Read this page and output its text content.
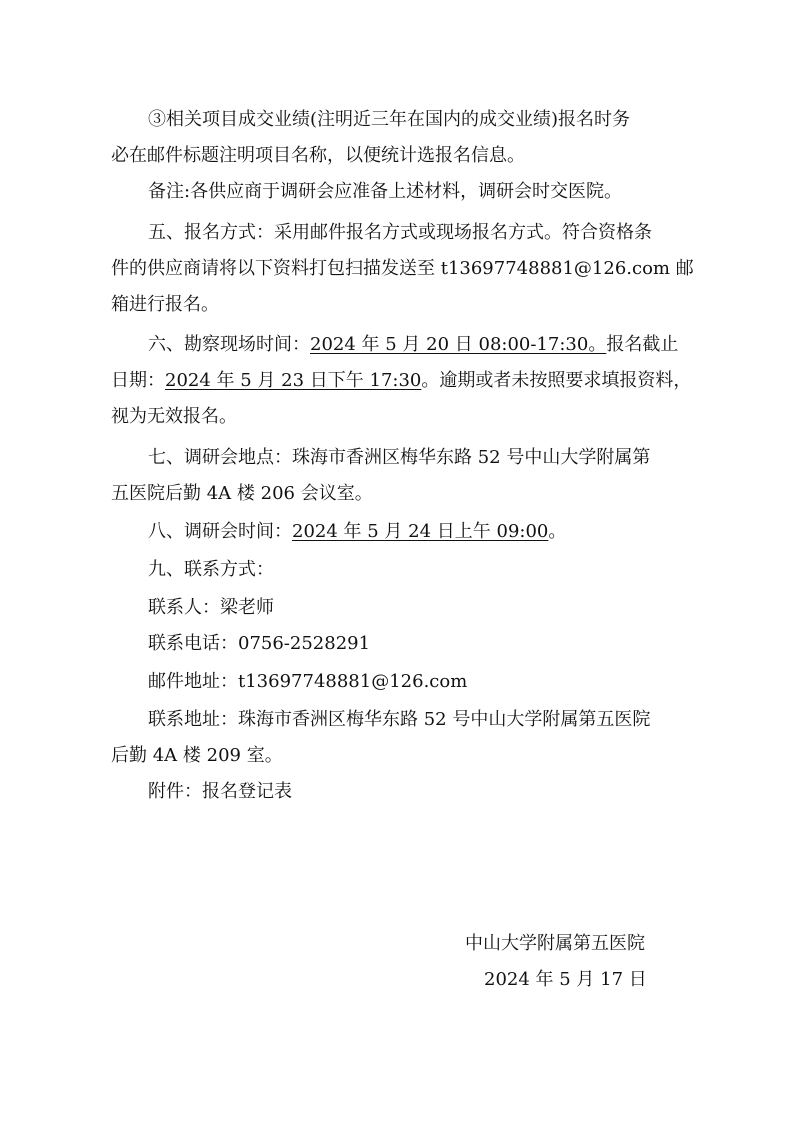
③相关项目成交业绩(注明近三年在国内的成交业绩)报名时务

必在邮件标题注明项目名称，以便统计选报名信息。

备注:各供应商于调研会应准备上述材料，调研会时交医院。

五、报名方式：采用邮件报名方式或现场报名方式。符合资格条

件的供应商请将以下资料打包扫描发送至 t13697748881@126.com 邮

箱进行报名。

六、勘察现场时间：2024 年 5 月 20 日 08:00-17:30。报名截止

日期：2024 年 5 月 23 日下午 17:30。逾期或者未按照要求填报资料，

视为无效报名。

七、调研会地点：珠海市香洲区梅华东路 52 号中山大学附属第

五医院后勤 4A 楼 206 会议室。

八、调研会时间：2024 年 5 月 24 日上午 09:00。

九、联系方式：

联系人：梁老师

联系电话：0756-2528291

邮件地址：t13697748881@126.com

联系地址：珠海市香洲区梅华东路 52 号中山大学附属第五医院

后勤 4A 楼 209 室。

附件：报名登记表

中山大学附属第五医院

2024 年 5 月 17 日
